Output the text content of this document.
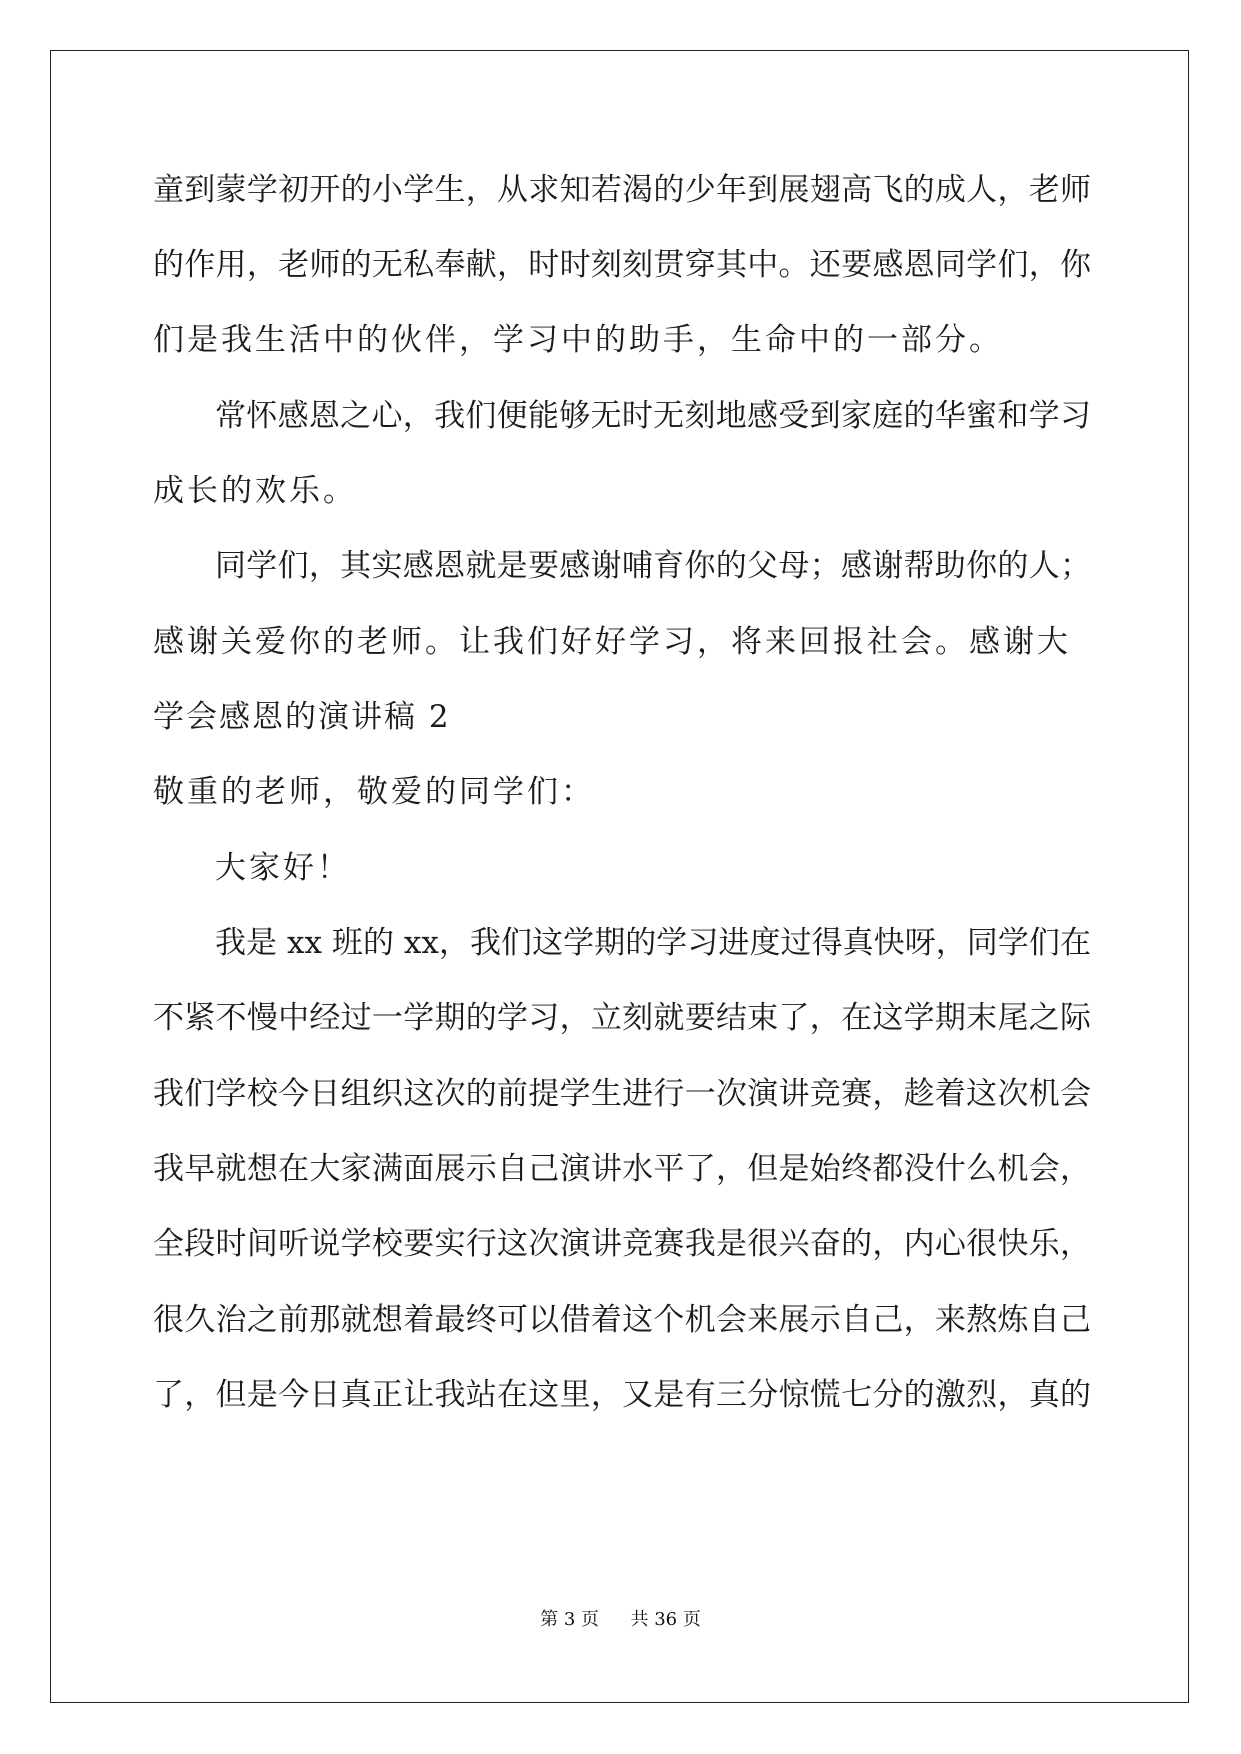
童到蒙学初开的小学生，从求知若渴的少年到展翅高飞的成人，老师
的作用，老师的无私奉献，时时刻刻贯穿其中。还要感恩同学们，你
们是我生活中的伙伴，学习中的助手，生命中的一部分。
常怀感恩之心，我们便能够无时无刻地感受到家庭的华蜜和学习
成长的欢乐。
同学们，其实感恩就是要感谢哺育你的父母；感谢帮助你的人；
感谢关爱你的老师。让我们好好学习，将来回报社会。感谢大
学会感恩的演讲稿 2
敬重的老师，敬爱的同学们：
大家好！
我是 xx 班的 xx，我们这学期的学习进度过得真快呀，同学们在
不紧不慢中经过一学期的学习，立刻就要结束了，在这学期末尾之际
我们学校今日组织这次的前提学生进行一次演讲竞赛，趁着这次机会
我早就想在大家满面展示自己演讲水平了，但是始终都没什么机会，
全段时间听说学校要实行这次演讲竞赛我是很兴奋的，内心很快乐，
很久治之前那就想着最终可以借着这个机会来展示自己，来熬炼自己
了，但是今日真正让我站在这里，又是有三分惊慌七分的激烈，真的
第 3 页 共 36 页
